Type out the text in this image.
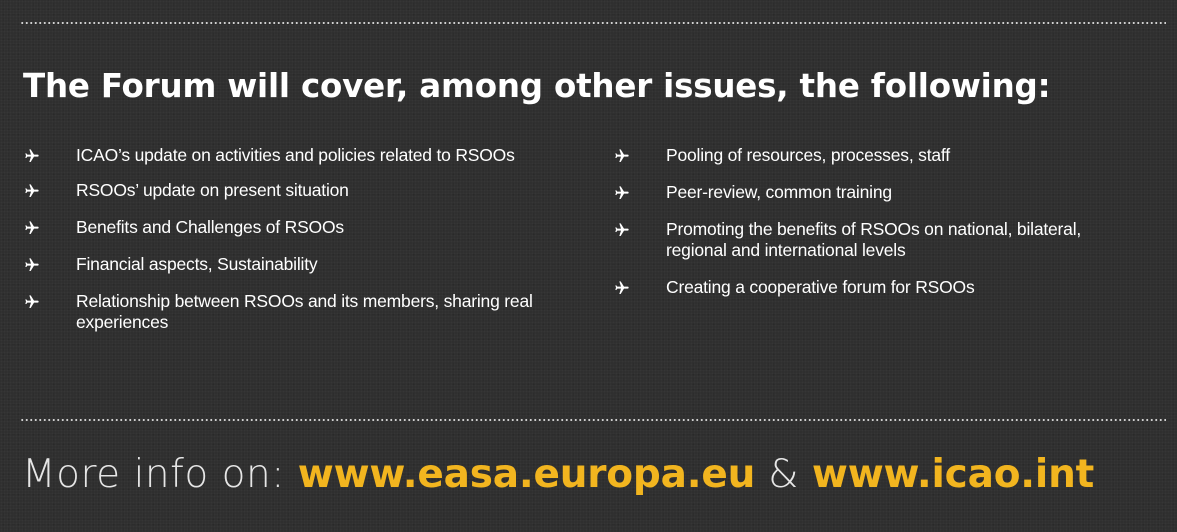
The Forum will cover, among other issues, the following:
ICAO’s update on activities and policies related to RSOOs
RSOOs’ update on present situation
Benefits and Challenges of RSOOs
Financial aspects, Sustainability
Relationship between RSOOs and its members, sharing real experiences
Pooling of resources, processes, staff
Peer-review, common training
Promoting the benefits of RSOOs on national, bilateral, regional and international levels
Creating a cooperative forum for RSOOs

More info on: www.easa.europa.eu & www.icao.int
